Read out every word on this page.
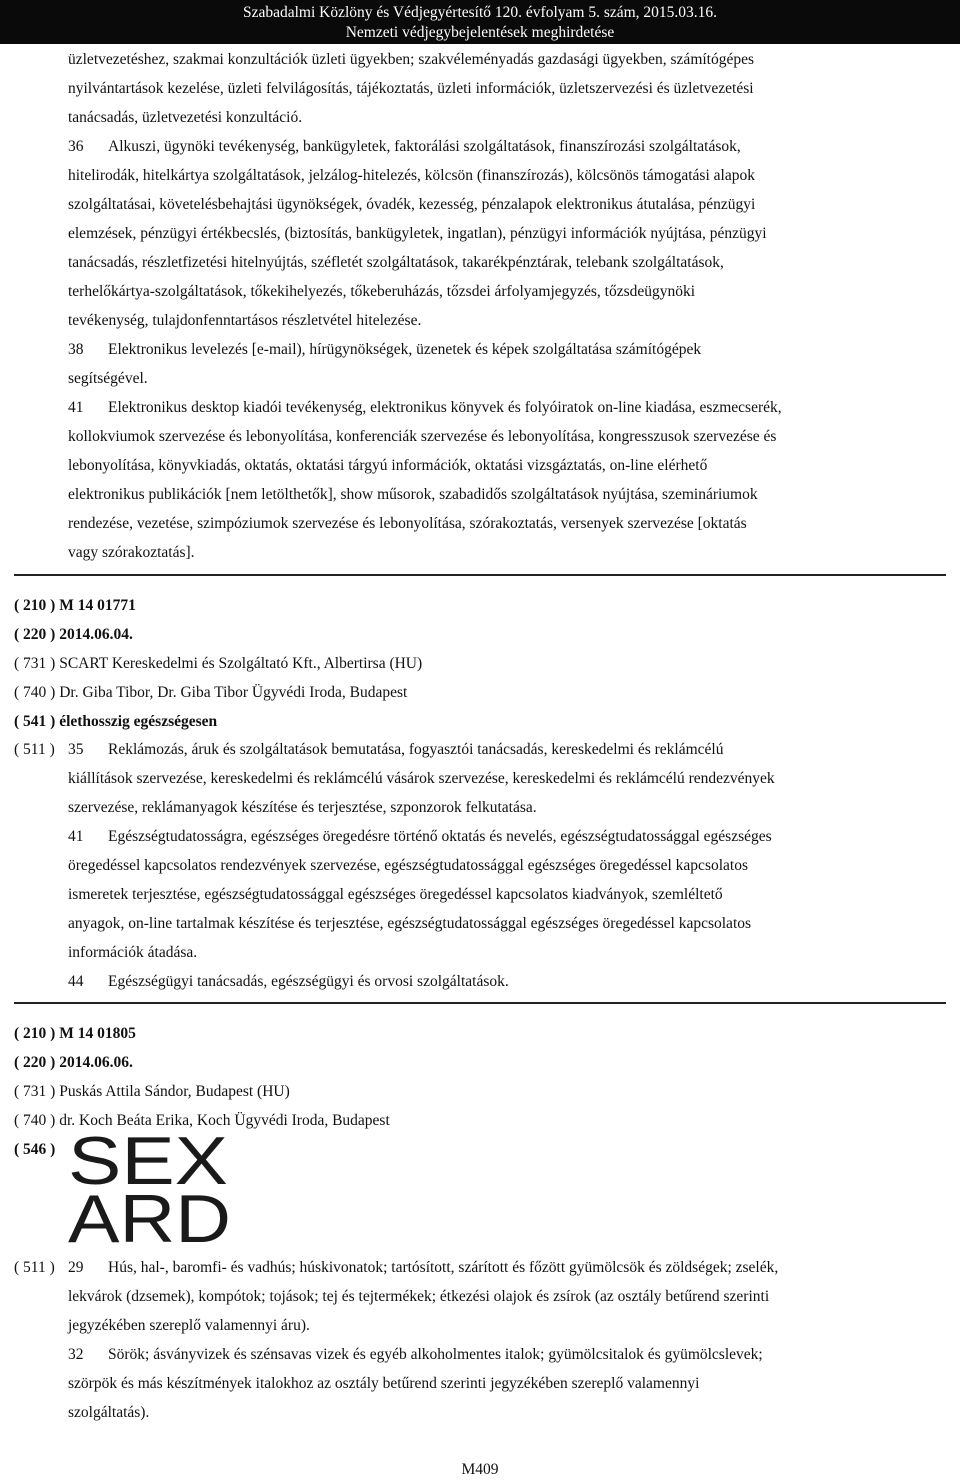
Szabadalmi Közlöny és Védjegyértesítő 120. évfolyam 5. szám, 2015.03.16.
Nemzeti védjegybejelentések meghirdetése
üzletvezetéshez, szakmai konzultációk üzleti ügyekben; szakvéleményadás gazdasági ügyekben, számítógépes
nyilvántartások kezelése, üzleti felvilágosítás, tájékoztatás, üzleti információk, üzletszervezési és üzletvezetési
tanácsadás, üzletvezetési konzultáció.
36 Alkuszi, ügynöki tevékenység, bankügyletek, faktorálási szolgáltatások, finanszírozási szolgáltatások,
hitelirodák, hitelkártya szolgáltatások, jelzálog-hitelezés, kölcsön (finanszírozás), kölcsönös támogatási alapok
szolgáltatásai, követelésbehajtási ügynökségek, óvadék, kezesség, pénzalapok elektronikus átutalása, pénzügyi
elemzések, pénzügyi értékbecslés, (biztosítás, bankügyletek, ingatlan), pénzügyi információk nyújtása, pénzügyi
tanácsadás, részletfizetési hitelnyújtás, széfletét szolgáltatások, takarékpénztárak, telebank szolgáltatások,
terhelőkártya-szolgáltatások, tőkekihelyezés, tőkeberuházás, tőzsdei árfolyamjegyzés, tőzsdeügynöki
tevékenység, tulajdonfenntartásos részletvétel hitelezése.
38 Elektronikus levelezés [e-mail), hírügynökségek, üzenetek és képek szolgáltatása számítógépek
segítségével.
41 Elektronikus desktop kiadói tevékenység, elektronikus könyvek és folyóiratok on-line kiadása, eszmecserék,
kollokviumok szervezése és lebonyolítása, konferenciák szervezése és lebonyolítása, kongresszusok szervezése és
lebonyolítása, könyvkiadás, oktatás, oktatási tárgyú információk, oktatási vizsgáztatás, on-line elérhető
elektronikus publikációk [nem letölthetők], show műsorok, szabadidős szolgáltatások nyújtása, szemináriumok
rendezése, vezetése, szimpóziumok szervezése és lebonyolítása, szórakoztatás, versenyek szervezése [oktatás
vagy szórakoztatás].
( 210 ) M 14 01771
( 220 ) 2014.06.04.
( 731 ) SCART Kereskedelmi és Szolgáltató Kft., Albertirsa (HU)
( 740 ) Dr. Giba Tibor, Dr. Giba Tibor Ügyvédi Iroda, Budapest
( 541 ) élethosszig egészségesen
( 511 ) 35 Reklámozás, áruk és szolgáltatások bemutatása, fogyasztói tanácsadás, kereskedelmi és reklámcélú
kiállítások szervezése, kereskedelmi és reklámcélú vásárok szervezése, kereskedelmi és reklámcélú rendezvények
szervezése, reklámanyagok készítése és terjesztése, szponzorok felkutatása.
41 Egészségtudatosságra, egészséges öregedésre történő oktatás és nevelés, egészségtudatossággal egészséges
öregedéssel kapcsolatos rendezvények szervezése, egészségtudatossággal egészséges öregedéssel kapcsolatos
ismeretek terjesztése, egészségtudatossággal egészséges öregedéssel kapcsolatos kiadványok, szemléltető
anyagok, on-line tartalmak készítése és terjesztése, egészségtudatossággal egészséges öregedéssel kapcsolatos
információk átadása.
44 Egészségügyi tanácsadás, egészségügyi és orvosi szolgáltatások.
( 210 ) M 14 01805
( 220 ) 2014.06.06.
( 731 ) Puskás Attila Sándor, Budapest (HU)
( 740 ) dr. Koch Beáta Erika, Koch Ügyvédi Iroda, Budapest
( 546 ) SEX
ARD
( 511 ) 29 Hús, hal-, baromfi- és vadhús; húskivonatok; tartósított, szárított és főzött gyümölcsök és zöldségek; zselék,
lekvárok (dzsemek), kompótok; tojások; tej és tejtermékek; étkezési olajok és zsírok (az osztály betűrend szerinti
jegyzékében szereplő valamennyi áru).
32 Sörök; ásványvizek és szénsavas vizek és egyéb alkoholmentes italok; gyümölcsitalok és gyümölcslevek;
szörpök és más készítmények italokhoz az osztály betűrend szerinti jegyzékében szereplő valamennyi
szolgáltatás).
M409
